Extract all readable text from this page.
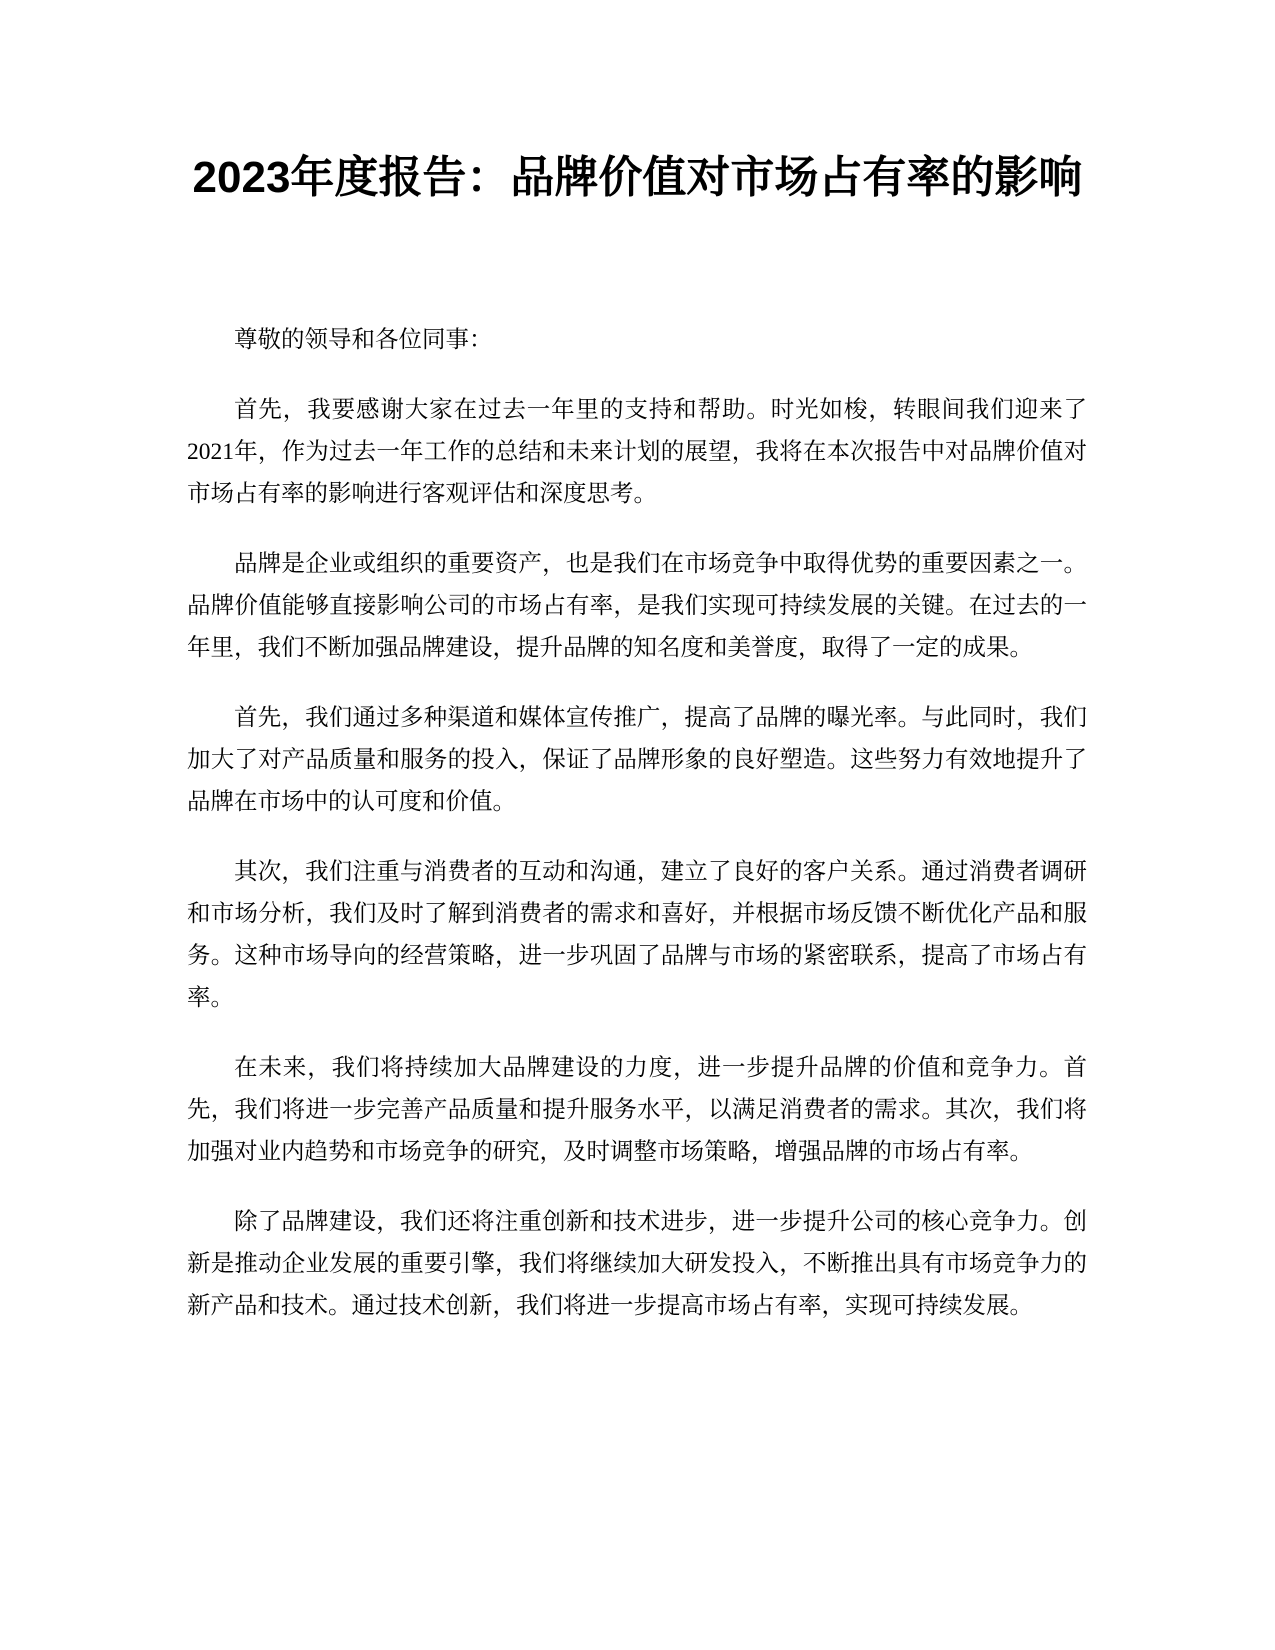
2023年度报告：品牌价值对市场占有率的影响

尊敬的领导和各位同事：

首先，我要感谢大家在过去一年里的支持和帮助。时光如梭，转眼间我们迎来了2021年，作为过去一年工作的总结和未来计划的展望，我将在本次报告中对品牌价值对市场占有率的影响进行客观评估和深度思考。

品牌是企业或组织的重要资产，也是我们在市场竞争中取得优势的重要因素之一。品牌价值能够直接影响公司的市场占有率，是我们实现可持续发展的关键。在过去的一年里，我们不断加强品牌建设，提升品牌的知名度和美誉度，取得了一定的成果。

首先，我们通过多种渠道和媒体宣传推广，提高了品牌的曝光率。与此同时，我们加大了对产品质量和服务的投入，保证了品牌形象的良好塑造。这些努力有效地提升了品牌在市场中的认可度和价值。

其次，我们注重与消费者的互动和沟通，建立了良好的客户关系。通过消费者调研和市场分析，我们及时了解到消费者的需求和喜好，并根据市场反馈不断优化产品和服务。这种市场导向的经营策略，进一步巩固了品牌与市场的紧密联系，提高了市场占有率。

在未来，我们将持续加大品牌建设的力度，进一步提升品牌的价值和竞争力。首先，我们将进一步完善产品质量和提升服务水平，以满足消费者的需求。其次，我们将加强对业内趋势和市场竞争的研究，及时调整市场策略，增强品牌的市场占有率。

除了品牌建设，我们还将注重创新和技术进步，进一步提升公司的核心竞争力。创新是推动企业发展的重要引擎，我们将继续加大研发投入，不断推出具有市场竞争力的新产品和技术。通过技术创新，我们将进一步提高市场占有率，实现可持续发展。
